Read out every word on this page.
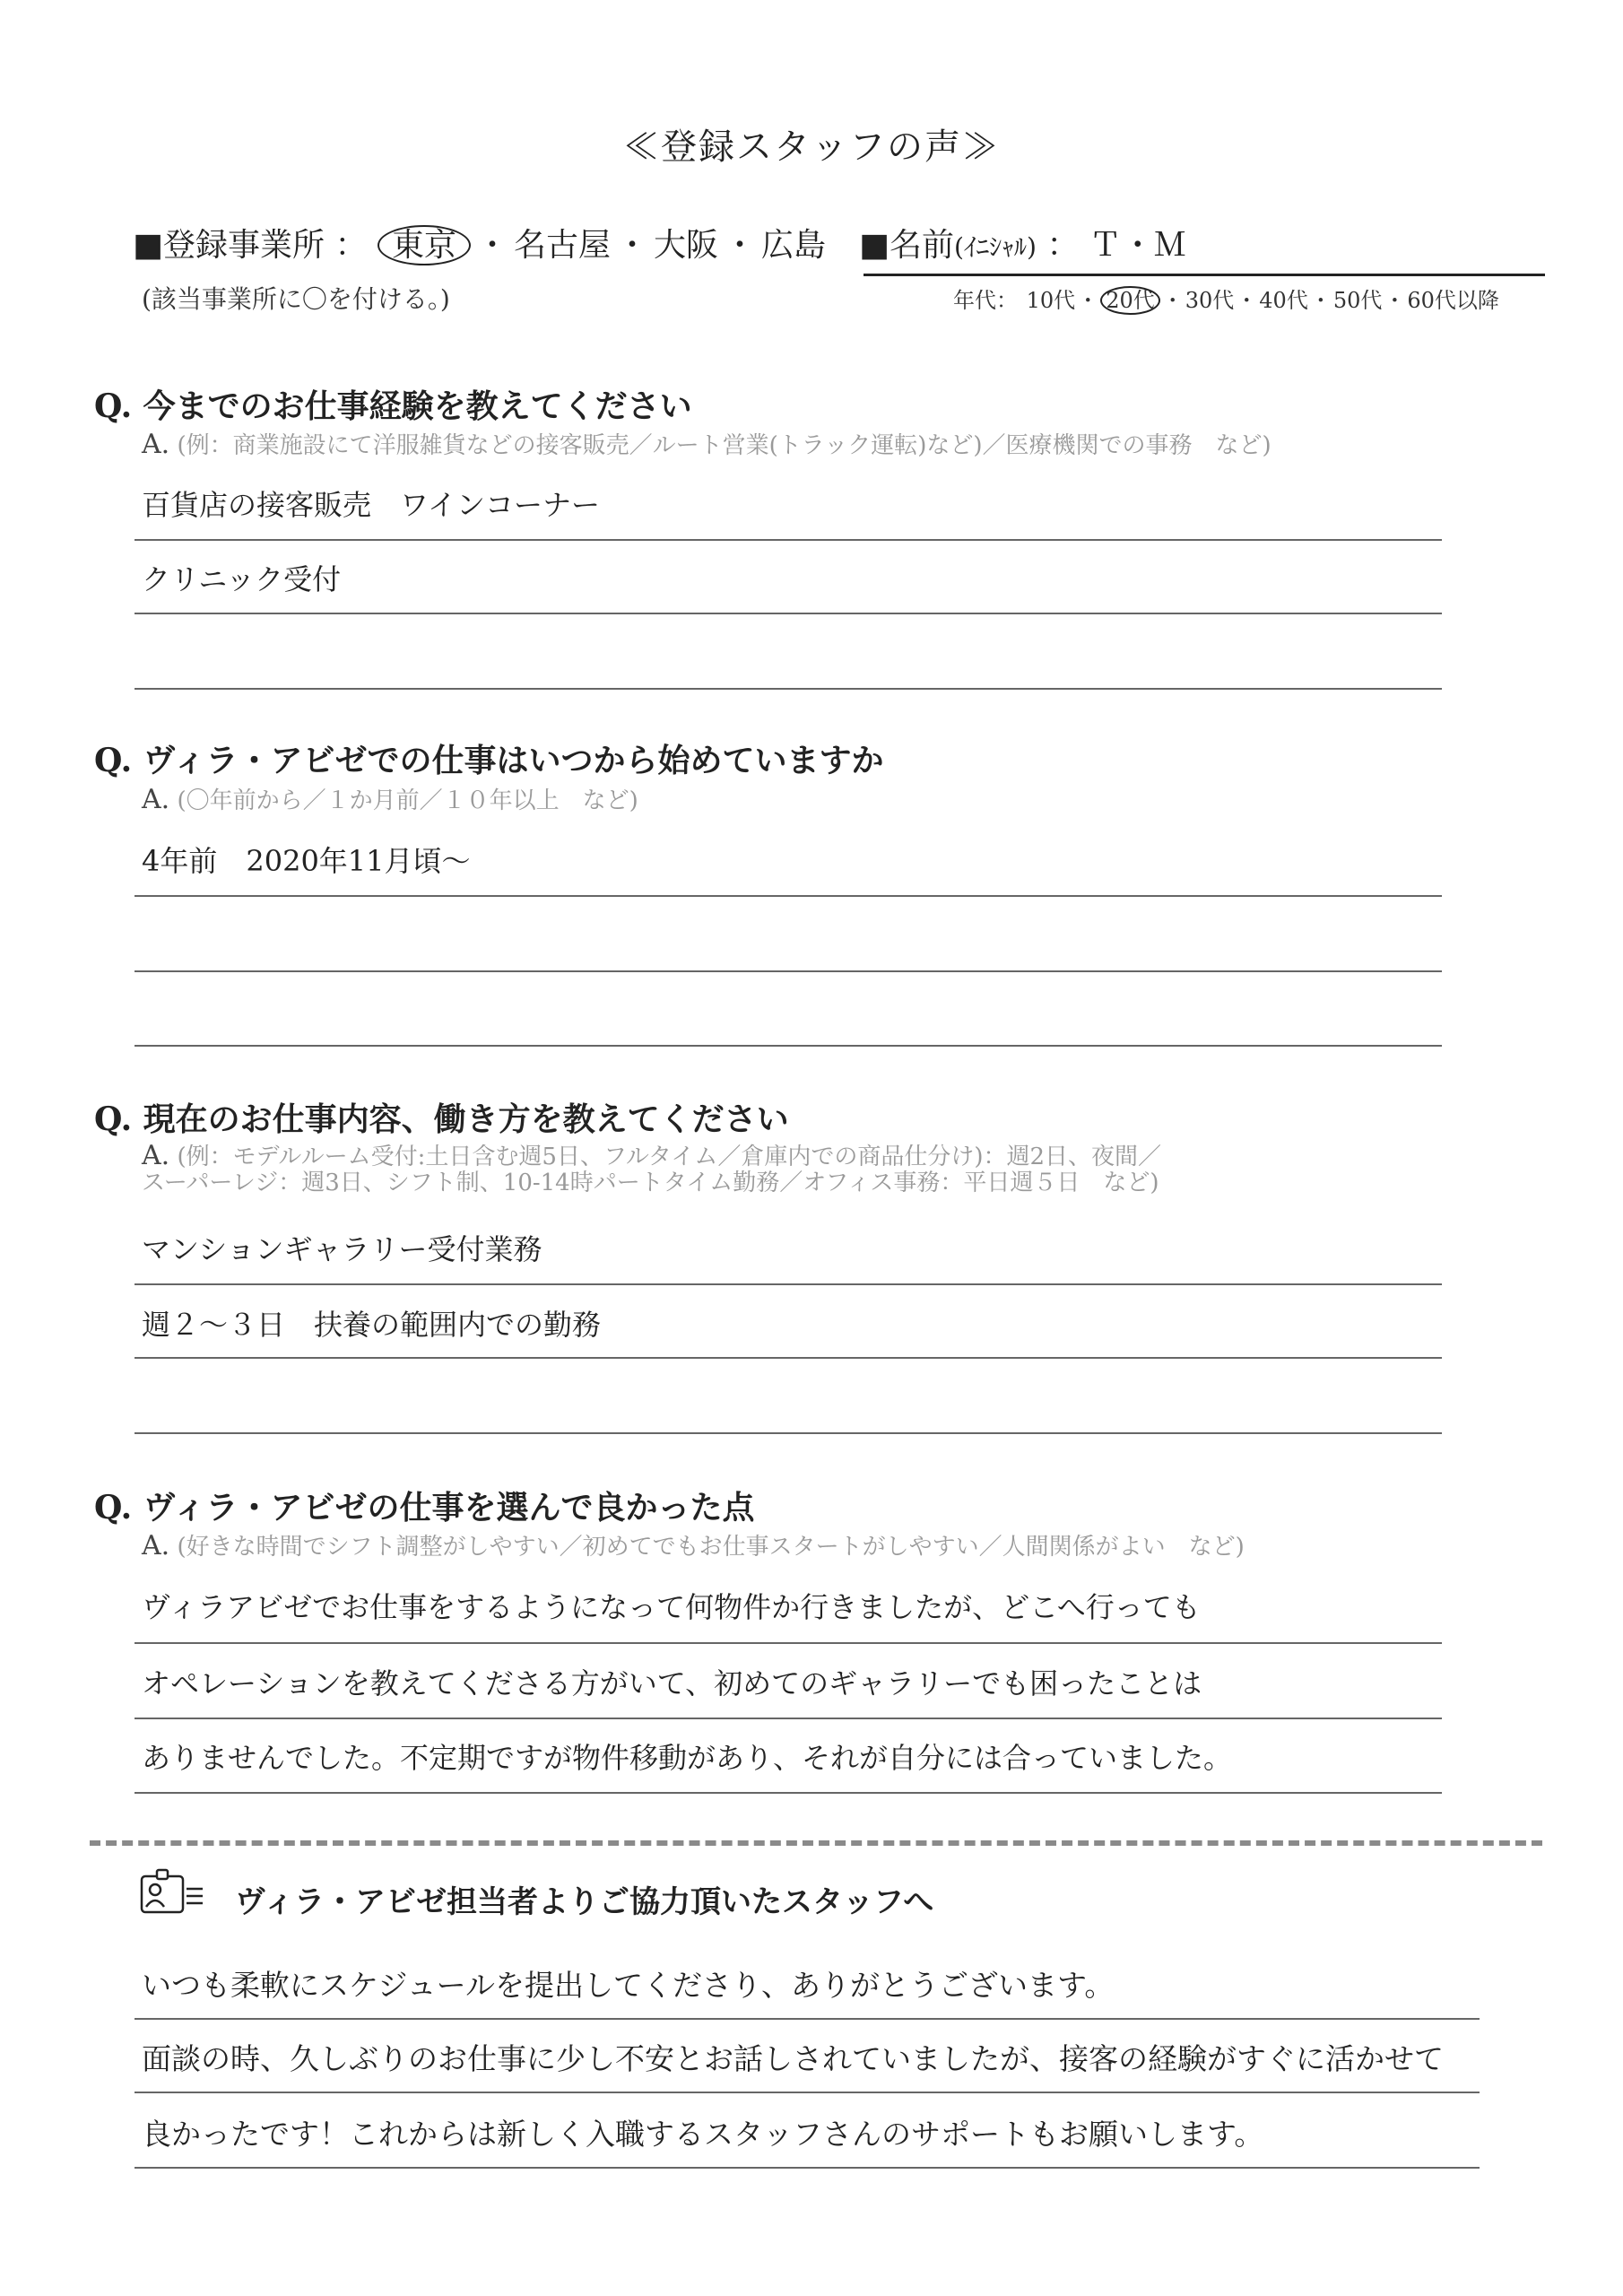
≪登録スタッフの声≫
■登録事業所 ： 東京 ・ 名古屋 ・ 大阪 ・ 広島
(該当事業所に〇を付ける。)
■名前(ｲﾆｼｬﾙ) ： Ｔ・Ｍ
年代： 10代・ 20代 ・30代・40代・50代・60代以降
Q. 今までのお仕事経験を教えてください
A. (例：商業施設にて洋服雑貨などの接客販売／ルート営業(トラック運転)など)／医療機関での事務　など)
百貨店の接客販売　ワインコーナー
クリニック受付
Q. ヴィラ・アビゼでの仕事はいつから始めていますか
A. (〇年前から／１か月前／１０年以上　など)
4年前　2020年11月頃～
Q. 現在のお仕事内容、働き方を教えてください
A. (例：モデルルーム受付:土日含む週5日、フルタイム／倉庫内での商品仕分け)：週2日、夜間／
スーパーレジ：週3日、シフト制、10-14時パートタイム勤務／オフィス事務：平日週５日　など)
マンションギャラリー受付業務
週２～３日　扶養の範囲内での勤務
Q. ヴィラ・アビゼの仕事を選んで良かった点
A. (好きな時間でシフト調整がしやすい／初めてでもお仕事スタートがしやすい／人間関係がよい　など)
ヴィラアビゼでお仕事をするようになって何物件か行きましたが、どこへ行っても
オペレーションを教えてくださる方がいて、初めてのギャラリーでも困ったことは
ありませんでした。不定期ですが物件移動があり、それが自分には合っていました。
ヴィラ・アビゼ担当者よりご協力頂いたスタッフへ
いつも柔軟にスケジュールを提出してくださり、ありがとうございます。
面談の時、久しぶりのお仕事に少し不安とお話しされていましたが、接客の経験がすぐに活かせて
良かったです！これからは新しく入職するスタッフさんのサポートもお願いします。
